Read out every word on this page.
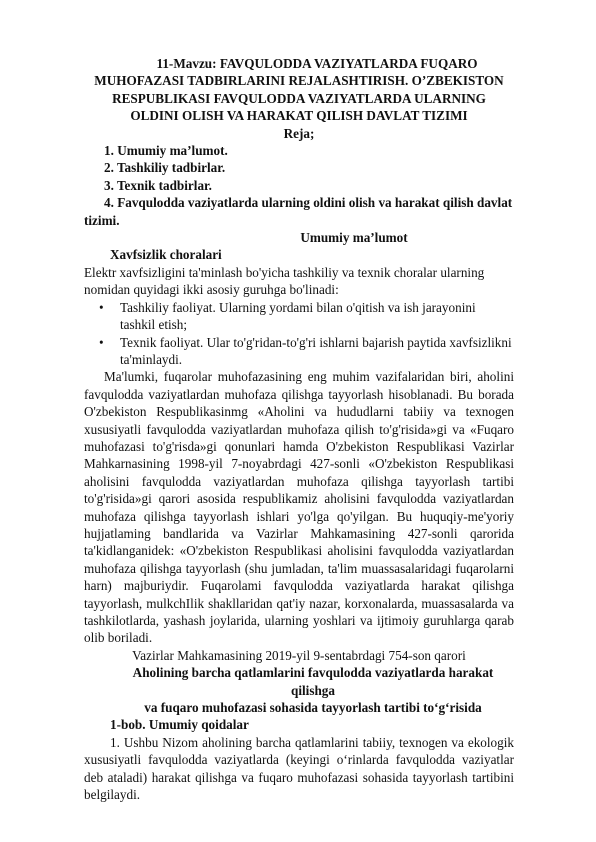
11-Mavzu: FAVQULODDA VAZIYATLARDA FUQARO
MUHOFAZASI TADBIRLARINI REJALASHTIRISH. O’ZBEKISTON
RESPUBLIKASI FAVQULODDA VAZIYATLARDA ULARNING
OLDINI OLISH VA HARAKAT QILISH DAVLAT TIZIMI
Reja;
1. Umumiy ma’lumot.
2. Tashkiliy tadbirlar.
3. Texnik tadbirlar.
4. Favqulodda vaziyatlarda ularning oldini olish va harakat qilish davlat tizimi.
Umumiy ma’lumot
Xavfsizlik choralari
Elektr xavfsizligini ta'minlash bo'yicha tashkiliy va texnik choralar ularning nomidan quyidagi ikki asosiy guruhga bo'linadi:
• Tashkiliy faoliyat. Ularning yordami bilan o'qitish va ish jarayonini tashkil etish;
• Texnik faoliyat. Ular to'g'ridan-to'g'ri ishlarni bajarish paytida xavfsizlikni ta'minlaydi.
Ma'lumki, fuqarolar muhofazasining eng muhim vazifalaridan biri, aholini favqulodda vaziyatlardan muhofaza qilishga tayyorlash hisoblanadi. Bu borada O'zbekiston Respublikasinmg «Aholini va hududlarni tabiiy va texnogen xususiyatli favqulodda vaziyatlardan muhofaza qilish to'g'risida»gi va «Fuqaro muhofazasi to'g'risda»gi qonunlari hamda O'zbekiston Respublikasi Vazirlar Mahkarnasining 1998-yil 7-noyabrdagi 427-sonli «O'zbekiston Respublikasi aholisini favqulodda vaziyatlardan muhofaza qilishga tayyorlash tartibi to'g'risida»gi qarori asosida respublikamiz aholisini favqulodda vaziyatlardan muhofaza qilishga tayyorlash ishlari yo'lga qo'yilgan. Bu huquqiy-me'yoriy hujjatlaming bandlarida va Vazirlar Mahkamasining 427-sonli qarorida ta'kidlanganidek: «O'zbekiston Respublikasi aholisini favqulodda vaziyatlardan muhofaza qilishga tayyorlash (shu jumladan, ta'lim muassasalaridagi fuqarolarni harn) majburiydir. Fuqarolami favqulodda vaziyatlarda harakat qilishga tayyorlash, mulkchIlik shakllaridan qat'iy nazar, korxonalarda, muassasalarda va tashkilotlarda, yashash joylarida, ularning yoshlari va ijtimoiy guruhlarga qarab olib boriladi.
Vazirlar Mahkamasining 2019-yil 9-sentabrdagi 754-son qarori
Aholining barcha qatlamlarini favqulodda vaziyatlarda harakat qilishga
va fuqaro muhofazasi sohasida tayyorlash tartibi to‘g‘risida
1-bob. Umumiy qoidalar
1. Ushbu Nizom aholining barcha qatlamlarini tabiiy, texnogen va ekologik xususiyatli favqulodda vaziyatlarda (keyingi o‘rinlarda favqulodda vaziyatlar deb ataladi) harakat qilishga va fuqaro muhofazasi sohasida tayyorlash tartibini belgilaydi.
